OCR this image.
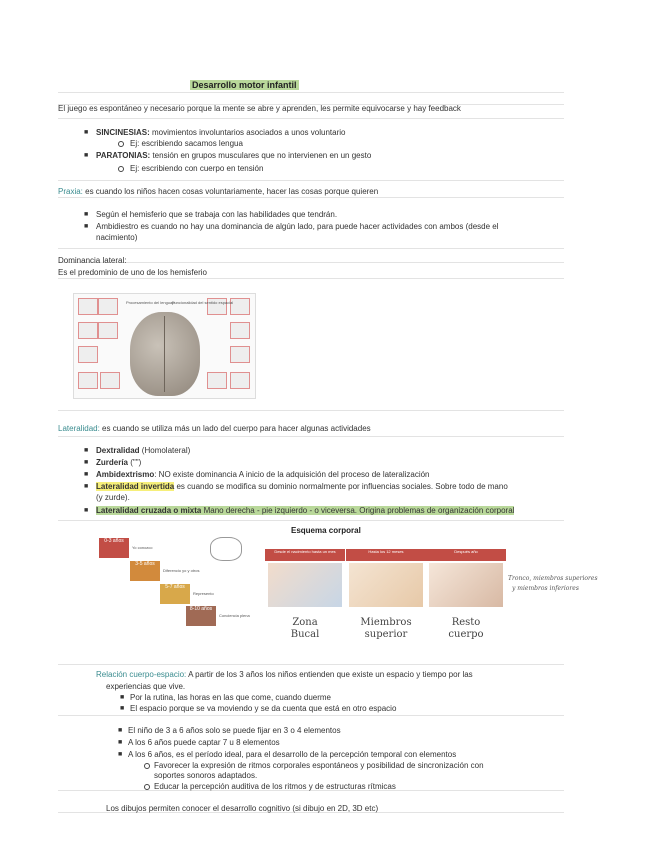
Desarrollo motor infantil
El juego es espontáneo y necesario porque la mente se abre y aprenden, les permite equivocarse y hay feedback
■ SINCINESIAS: movimientos involuntarios asociados a unos voluntario
Ej: escribiendo sacamos lengua
■ PARATONIAS: tensión en grupos musculares que no intervienen en un gesto
Ej: escribiendo con cuerpo en tensión
Praxia: es cuando los niños hacen cosas voluntariamente, hacer las cosas porque quieren
■ Según el hemisferio que se trabaja con las habilidades que tendrán.
■ Ambidiestro es cuando no hay una dominancia de algún lado, para puede hacer actividades con ambos (desde el
nacimiento)
Dominancia lateral:
Es el predominio de uno de los hemisferio
Procesamiento del lenguaje
Funcionalidad del sentido espacial
Lateralidad: es cuando se utiliza más un lado del cuerpo para hacer algunas actividades
■ Dextralidad (Homolateral)
■ Zurdería ("")
■ Ambidextrismo: NO existe dominancia A inicio de la adquisición del proceso de lateralización
■ Lateralidad invertida es cuando se modifica su dominio normalmente por influencias sociales. Sobre todo de mano
(y zurde).
■ Lateralidad cruzada o mixta Mano derecha - pie izquierdo - o viceversa. Origina problemas de organización corporal
Esquema corporal
0-3 años
Yo conozco
3-5 años
Diferencio yo y otros
5-7 años
Represento
8-10 años
Conciencia plena
Desde el nacimiento hasta un mes
Zona
Bucal
Hasta los 12 meses
Miembros
superior
Después año
Resto
cuerpo
Tronco, miembros superiores
y miembros inferiores
Relación cuerpo-espacio: A partir de los 3 años los niños entienden que existe un espacio y tiempo por las
experiencias que vive.
■ Por la rutina, las horas en las que come, cuando duerme
■ El espacio porque se va moviendo y se da cuenta que está en otro espacio
■ El niño de 3 a 6 años solo se puede fijar en 3 o 4 elementos
■ A los 6 años puede captar 7 u 8 elementos
■ A los 6 años, es el período ideal, para el desarrollo de la percepción temporal con elementos
Favorecer la expresión de ritmos corporales espontáneos y posibilidad de sincronización con
soportes sonoros adaptados.
Educar la percepción auditiva de los ritmos y de estructuras rítmicas
Los dibujos permiten conocer el desarrollo cognitivo (si dibujo en 2D, 3D etc)
